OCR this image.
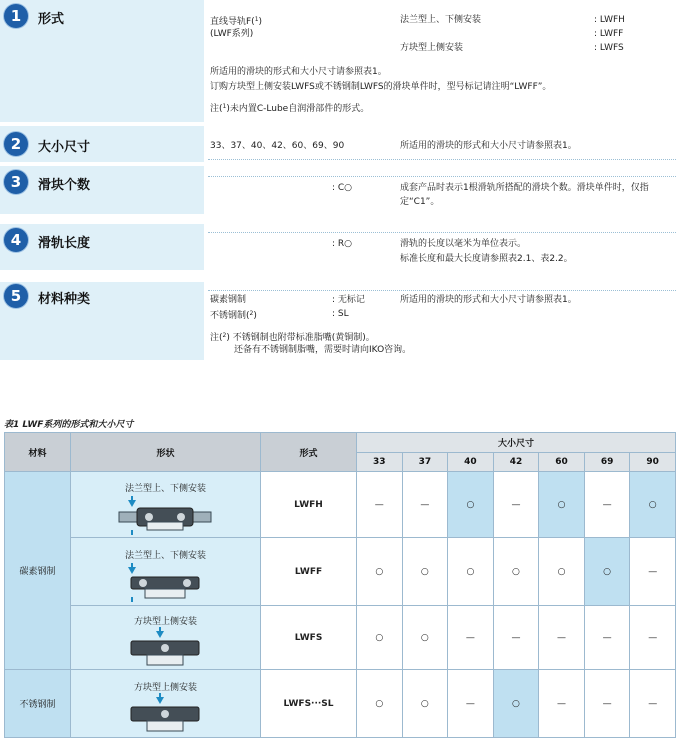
1	形式	直线导轨F($^1$)
(LWF系列)
法兰型上、下侧安装	: LWFH
: LWFF
方块型上侧安装	: LWFS
所适用的滑块的形式和大小尺寸请参照表1。
订购方块型上侧安装LWFS或不锈钢制LWFS的滑块单件时，型号标记请注明“LWFF”。
注($^1$)未内置C-Lube自润滑部件的形式。
2	大小尺寸	33、37、40、42、60、69、90	所适用的滑块的形式和大小尺寸请参照表1。
3	滑块个数	: C○	成套产品时表示1根滑轨所搭配的滑块个数。滑块单件时，仅指
定“C1”。
4	滑轨长度	: R○	滑轨的长度以毫米为单位表示。
标准长度和最大长度请参照表2.1、表2.2。
5	材料种类	碳素钢制	: 无标记	所适用的滑块的形式和大小尺寸请参照表1。
不锈钢制($^2$)	: SL
注($^2$) 不锈钢制也附带标准脂嘴(黄铜制)。
还备有不锈钢制脂嘴，需要时请向IKO咨询。
表1 LWF系列的形式和大小尺寸
材料	形状	形式	大小尺寸						
			33	37	40	42	60	69	90
碳素钢制	法兰型上、下侧安装	LWFH	—	—	○	—	○	—	○

	法兰型上、下侧安装	LWFF	○	○	○	○	○	○	—

	方块型上侧安装	LWFS	○	○	—	—	—	—	—
不锈钢制	方块型上侧安装	LWFS···SL	○	○	—	○	—	—	—
